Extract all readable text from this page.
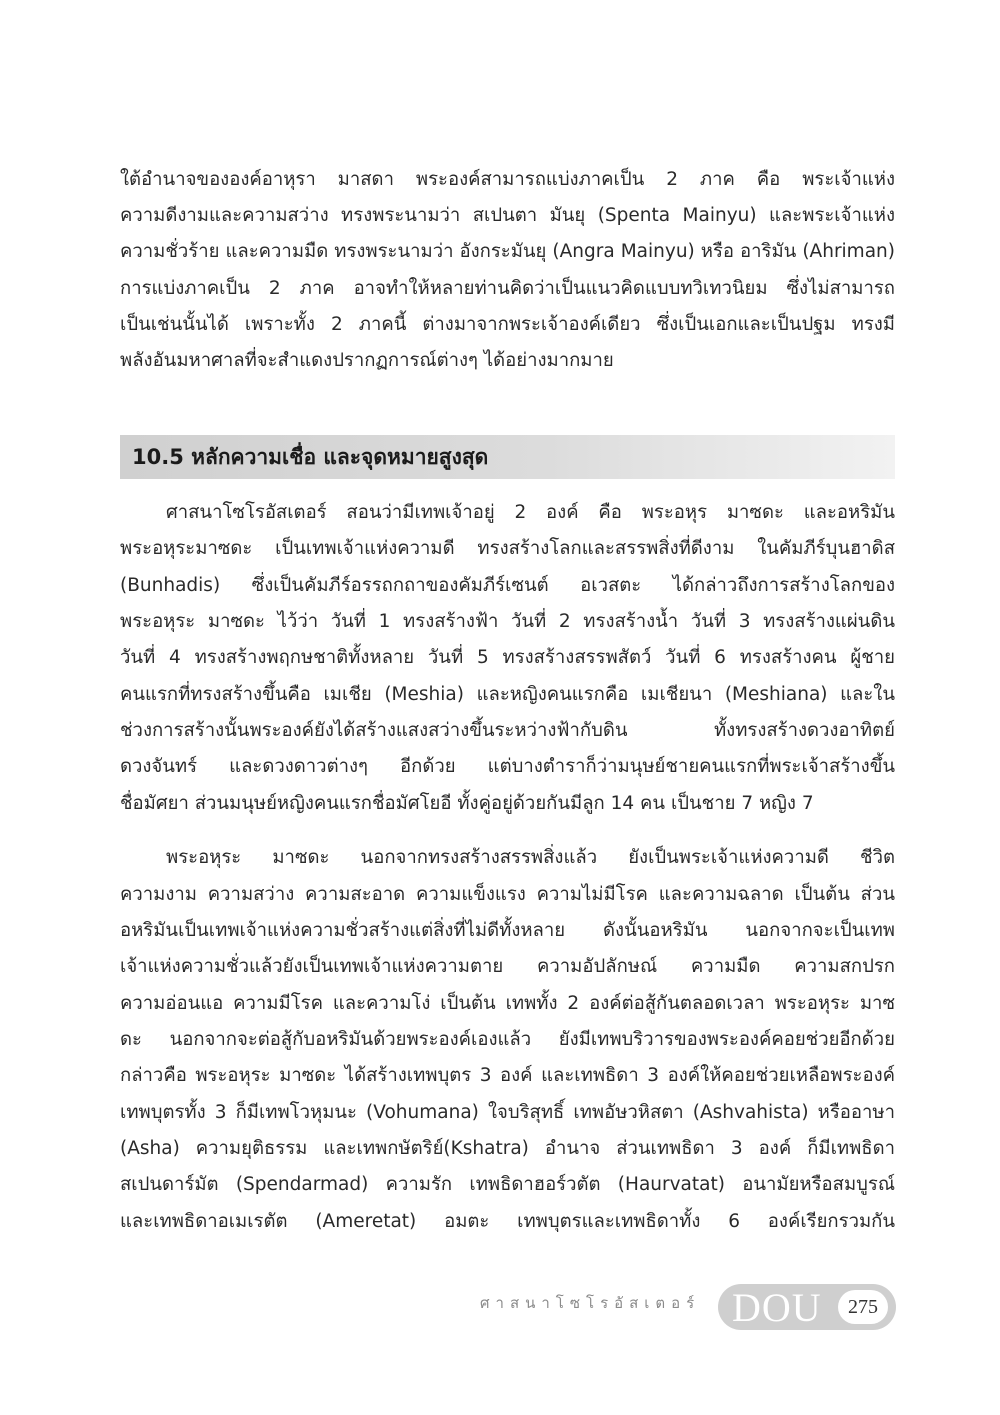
ใต้อำนาจขององค์อาหุรา มาสดา พระองค์สามารถแบ่งภาคเป็น 2 ภาค คือ พระเจ้าแห่ง
ความดีงามและความสว่าง ทรงพระนามว่า สเปนตา มันยุ (Spenta Mainyu) และพระเจ้าแห่ง
ความชั่วร้าย และความมืด ทรงพระนามว่า อังกระมันยุ (Angra Mainyu) หรือ อาริมัน (Ahriman)
การแบ่งภาคเป็น 2 ภาค อาจทำให้หลายท่านคิดว่าเป็นแนวคิดแบบทวิเทวนิยม ซึ่งไม่สามารถ
เป็นเช่นนั้นได้ เพราะทั้ง 2 ภาคนี้ ต่างมาจากพระเจ้าองค์เดียว ซึ่งเป็นเอกและเป็นปฐม ทรงมี
พลังอันมหาศาลที่จะสำแดงปรากฏการณ์ต่างๆ ได้อย่างมากมาย
ศาสนาโซโรอัสเตอร์ สอนว่ามีเทพเจ้าอยู่ 2 องค์ คือ พระอหุร มาซดะ และอหริมัน
พระอหุระมาซดะ เป็นเทพเจ้าแห่งความดี ทรงสร้างโลกและสรรพสิ่งที่ดีงาม ในคัมภีร์บุนฮาดิส
(Bunhadis) ซึ่งเป็นคัมภีร์อรรถกถาของคัมภีร์เซนต์ อเวสตะ ได้กล่าวถึงการสร้างโลกของ
พระอหุระ มาซดะ ไว้ว่า วันที่ 1 ทรงสร้างฟ้า วันที่ 2 ทรงสร้างน้ำ วันที่ 3 ทรงสร้างแผ่นดิน
วันที่ 4 ทรงสร้างพฤกษชาติทั้งหลาย วันที่ 5 ทรงสร้างสรรพสัตว์ วันที่ 6 ทรงสร้างคน ผู้ชาย
คนแรกที่ทรงสร้างขึ้นคือ เมเชีย (Meshia) และหญิงคนแรกคือ เมเชียนา (Meshiana) และใน
ช่วงการสร้างนั้นพระองค์ยังได้สร้างแสงสว่างขึ้นระหว่างฟ้ากับดิน ทั้งทรงสร้างดวงอาทิตย์
ดวงจันทร์ และดวงดาวต่างๆ อีกด้วย แต่บางตำราก็ว่ามนุษย์ชายคนแรกที่พระเจ้าสร้างขึ้น
ชื่อมัศยา ส่วนมนุษย์หญิงคนแรกชื่อมัศโยอี ทั้งคู่อยู่ด้วยกันมีลูก 14 คน เป็นชาย 7 หญิง 7
พระอหุระ มาซดะ นอกจากทรงสร้างสรรพสิ่งแล้ว ยังเป็นพระเจ้าแห่งความดี ชีวิต
ความงาม ความสว่าง ความสะอาด ความแข็งแรง ความไม่มีโรค และความฉลาด เป็นต้น ส่วน
อหริมันเป็นเทพเจ้าแห่งความชั่วสร้างแต่สิ่งที่ไม่ดีทั้งหลาย ดังนั้นอหริมัน นอกจากจะเป็นเทพ
เจ้าแห่งความชั่วแล้วยังเป็นเทพเจ้าแห่งความตาย ความอัปลักษณ์ ความมืด ความสกปรก
ความอ่อนแอ ความมีโรค และความโง่ เป็นต้น เทพทั้ง 2 องค์ต่อสู้กันตลอดเวลา พระอหุระ มาซ
ดะ นอกจากจะต่อสู้กับอหริมันด้วยพระองค์เองแล้ว ยังมีเทพบริวารของพระองค์คอยช่วยอีกด้วย
กล่าวคือ พระอหุระ มาซดะ ได้สร้างเทพบุตร 3 องค์ และเทพธิดา 3 องค์ให้คอยช่วยเหลือพระองค์
เทพบุตรทั้ง 3 ก็มีเทพโวหุมนะ (Vohumana) ใจบริสุทธิ์ เทพอัษวหิสตา (Ashvahista) หรืออาษา
(Asha) ความยุติธรรม และเทพกษัตริย์(Kshatra) อำนาจ ส่วนเทพธิดา 3 องค์ ก็มีเทพธิดา
สเปนดาร์มัต (Spendarmad) ความรัก เทพธิดาฮอร์วตัต (Haurvatat) อนามัยหรือสมบูรณ์
และเทพธิดาอเมเรตัต (Ameretat) อมตะ เทพบุตรและเทพธิดาทั้ง 6 องค์เรียกรวมกัน
10.5 หลักความเชื่อ และจุดหมายสูงสุด
ศาสนาโซโรอัสเตอร์ DOU	275
